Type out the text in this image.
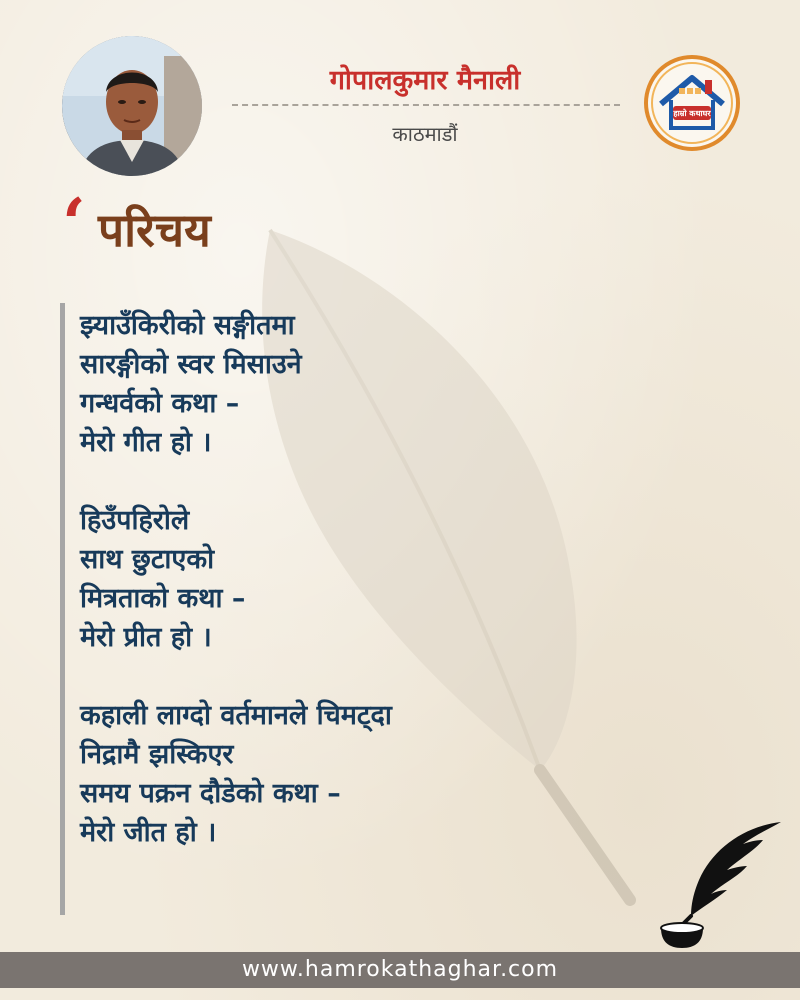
गोपालकुमार मैनाली
काठमाडौं
हाम्रो कथाघर
‘ परिचय
झ्याउँकिरीको सङ्गीतमा
सारङ्गीको स्वर मिसाउने
गन्धर्वको कथा –
मेरो गीत हो ।
हिउँपहिरोले
साथ छुटाएको
मित्रताको कथा –
मेरो प्रीत हो ।
कहाली लाग्दो वर्तमानले चिमट्दा
निद्रामै झस्किएर
समय पक्रन दौडेको कथा –
मेरो जीत हो ।
www.hamrokathaghar.com
